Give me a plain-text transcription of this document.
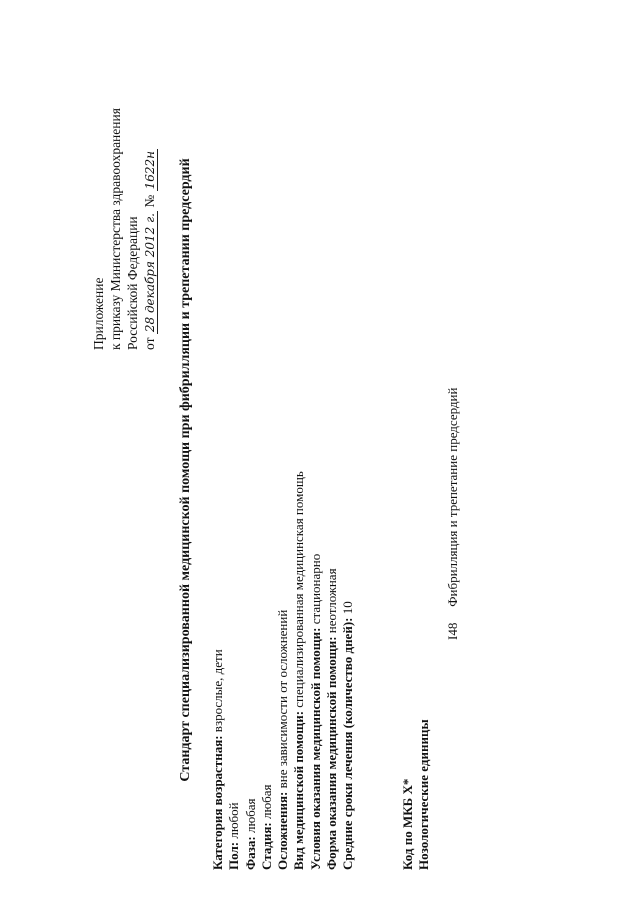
Приложение к приказу Министерства здравоохранения Российской Федерации от 28 декабря 2012 г. № 1622н Стандарт специализированной медицинской помощи при фибрилляции и трепетании предсердий
Категория возрастная: взрослые, дети
Пол: любой
Фаза: любая
Стадия: любая Осложнения: вне зависимости от осложнений Вид медицинской помощи: специализированная медицинская помощь
Условия оказания медицинской помощи: стационарно
Форма оказания медицинской помощи: неотложная
Средние сроки лечения (количество дней): 10
Код по МКБ X* Нозологические единицы
I48 Фибрилляция и трепетание предсердий
